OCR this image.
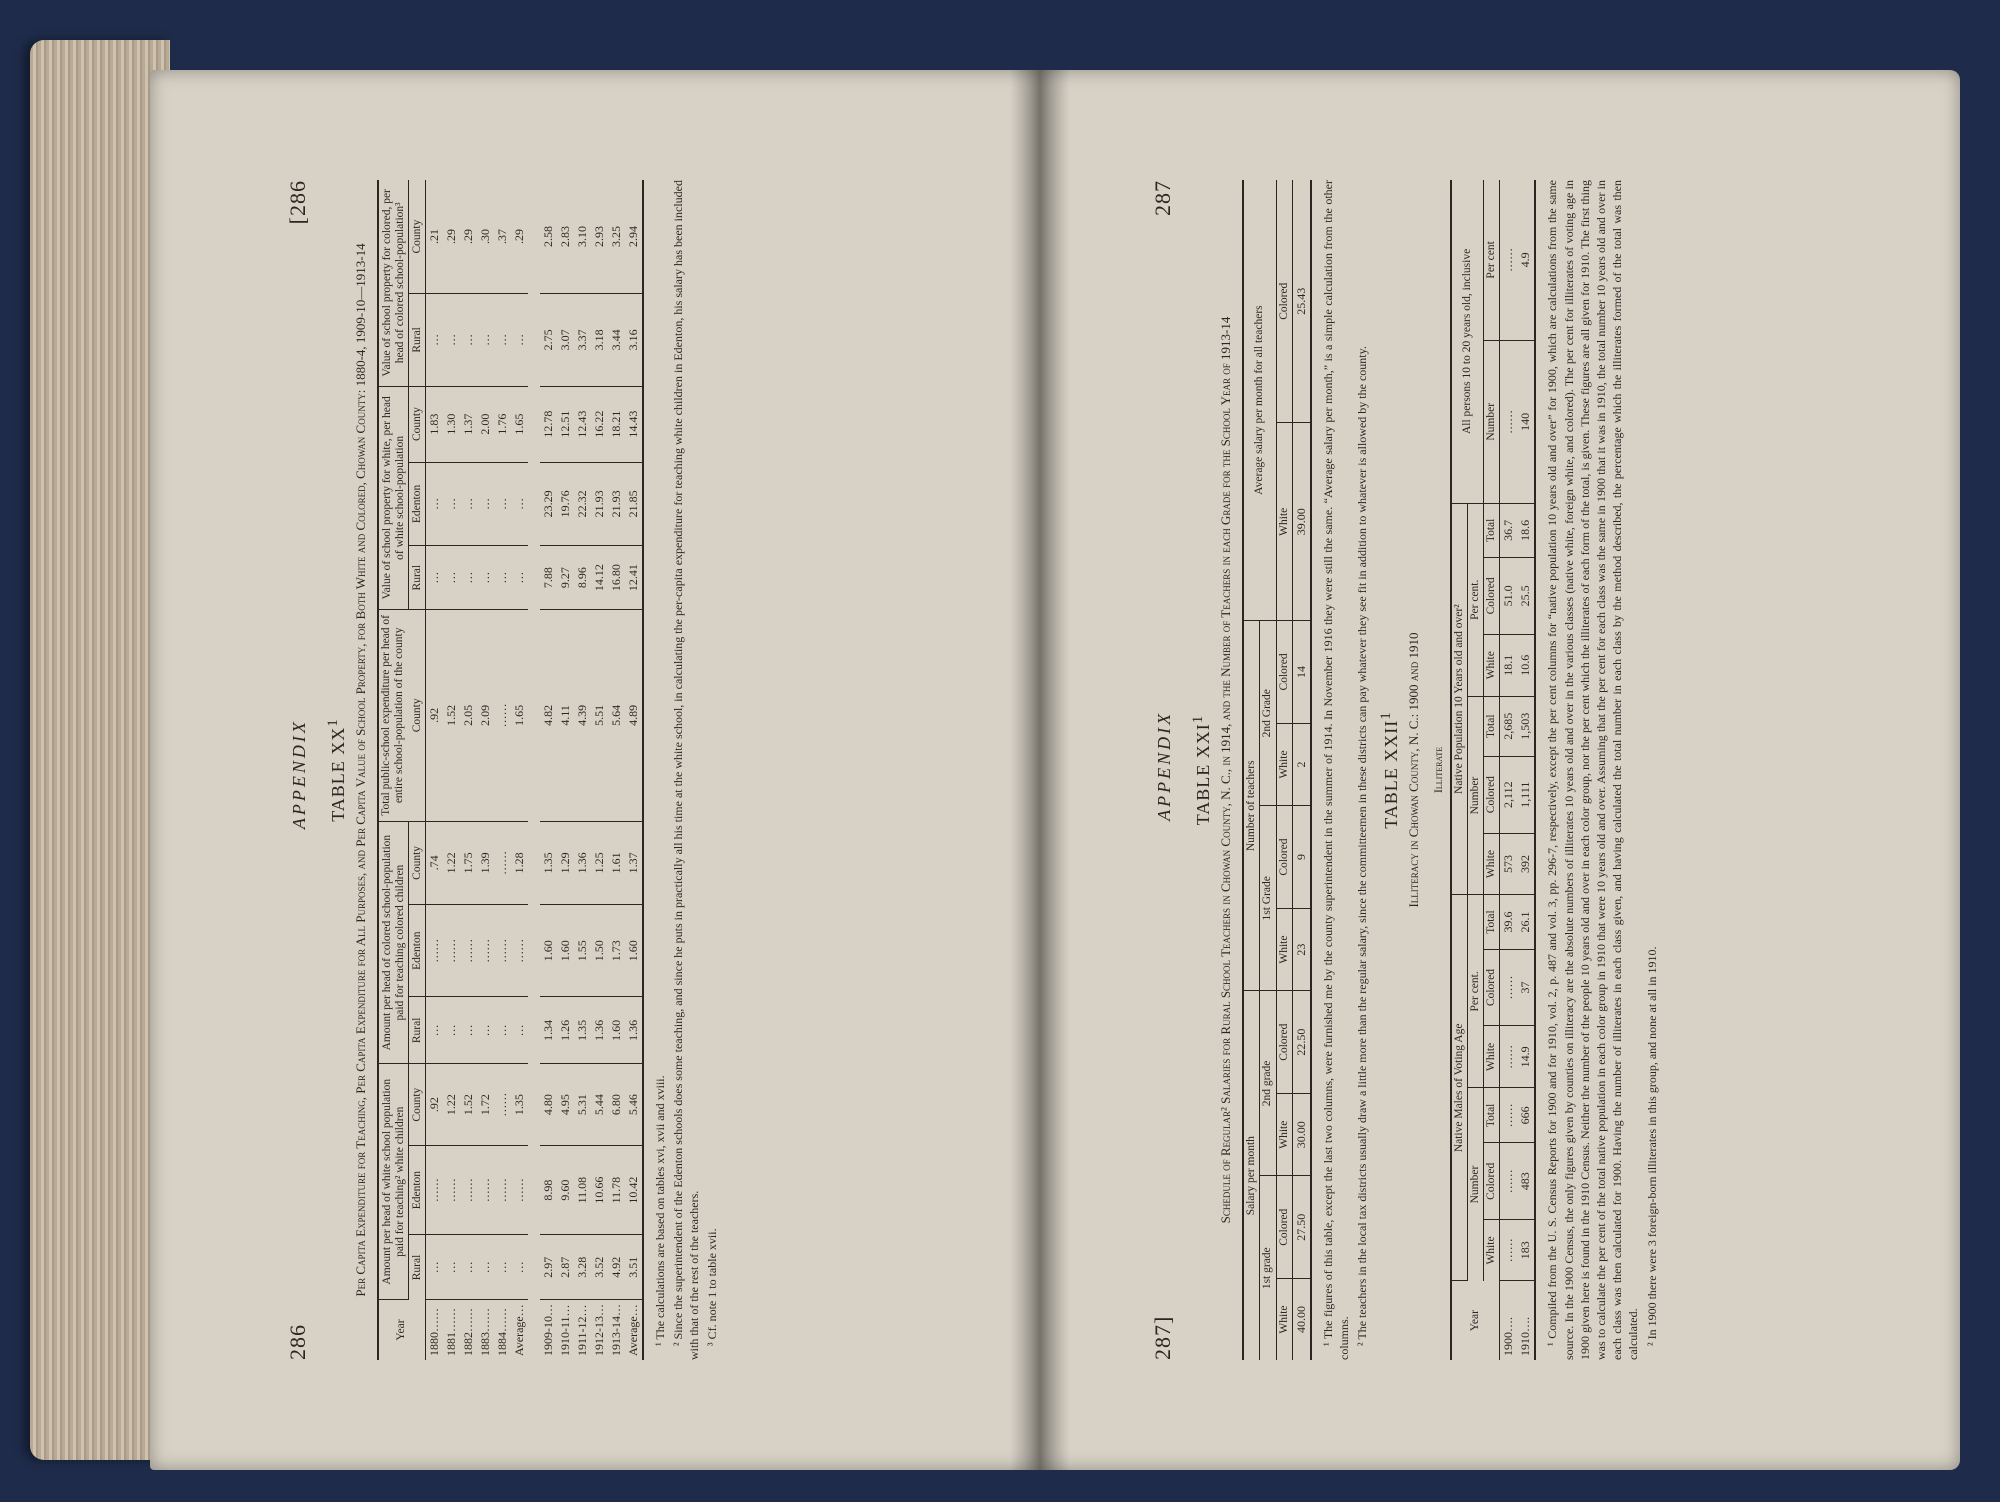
286
APPENDIX
[286
TABLE $XX^1$ Per Capita Expenditure for Teaching, Per Capita Expenditure for All Purposes, and Per Capita Value of School Property, for Both White and Colored, Chowan County: 1880-4, 1909-10—1913-14
Year	Amount per head of white school population paid for teaching² white children			Amount per head of colored school-population paid for teaching colored children			Total public-school expenditure per head of entire school-population of the county County	Value of school property for white, per head of white school-population			Value of school property for colored, per head of colored school-population³	
	Rural	Edenton	County	Rural	Edenton	County		Rural	Edenton	County	Rural	County
1880……	…	……	.92	…	……	.74	.92	…	…	1.83	…	.21
1881……	…	……	1.22	…	……	1.22	1.52	…	…	1.30	…	.29
1882……	…	……	1.52	…	……	1.75	2.05	…	…	1.37	…	.29
1883……	…	……	1.72	…	……	1.39	2.09	…	…	2.00	…	.30
1884……	…	……	……	…	……	……	……	…	…	1.76	…	.37
Average…	…	……	1.35	…	……	1.28	1.65	…	…	1.65	…	.29

1909-10…	2.97	8.98	4.80	1.34	1.60	1.35	4.82	7.88	23.29	12.78	2.75	2.58
1910-11…	2.87	9.60	4.95	1.26	1.60	1.29	4.11	9.27	19.76	12.51	3.07	2.83
1911-12…	3.28	11.08	5.31	1.35	1.55	1.36	4.39	8.96	22.32	12.43	3.37	3.10
1912-13…	3.52	10.66	5.44	1.36	1.50	1.25	5.51	14.12	21.93	16.22	3.18	2.93
1913-14…	4.92	11.78	6.80	1.60	1.73	1.61	5.64	16.80	21.93	18.21	3.44	3.25
Average…	3.51	10.42	5.46	1.36	1.60	1.37	4.89	12.41	21.85	14.43	3.16	2.94

¹ The calculations are based on tables xvi, xvii and xviii. ² Since the superintendent of the Edenton schools does some teaching, and since he puts in practically all his time at the white school, in calculating the per-capita expenditure for teaching white children in Edenton, his salary has been included with that of the rest of the teachers. ³ Cf. note 1 to table xvii.	287]
APPENDIX
287
TABLE XXI$^1$ Schedule of Regular² Salaries for Rural School Teachers in Chowan County, N. C., in 1914, and the Number of Teachers in each Grade for the School Year of 1913-14 Salary per month				Number of teachers				Average salary per month for all teachers	
1st grade		2nd grade		1st Grade		2nd Grade			
White	Colored	White	Colored	White	Colored	White	Colored	White	Colored
40.00	27.50	30.00	22.50	23	9	2	14	39.00	25.43 ¹ The figures of this table, except the last two columns, were furnished me by the county superintendent in the summer of 1914. In November 1916 they were still the same. “Average salary per month,” is a simple calculation from the other columns. ² The teachers in the local tax districts usually draw a little more than the regular salary, since the committeemen in these districts can pay whatever they see fit in addition to whatever is allowed by the county. TABLE XXII$^1$ Illiteracy in Chowan County, N. C.: 1900 and 1910 Illiterate
Year	Native Males of Voting Age						Native Population 10 Years old and over²						All persons 10 to 20 years old, inclusive	
	Number			Per cent.			Number			Per cent.				
	White	Colored	Total	White	Colored	Total	White	Colored	Total	White	Colored	Total	Number	Per cent
1900….	……	……	……	……	……	39.6	573	2,112	2,685	18.1	51.0	36.7	……	……
1910….	183	483	666	14.9	37	26.1	392	1,111	1,503	10.6	25.5	18.6	140	4.9 ¹ Compiled from the U. S. Census Reports for 1900 and for 1910, vol. 2, p. 487 and vol. 3, pp. 296-7, respectively, except the per cent columns for “native population 10 years old and over” for 1900, which are calculations from the same source. In the 1900 Census, the only figures given by counties on illiteracy are the absolute numbers of illiterates 10 years old and over in the various classes (native white, foreign white, and colored). The per cent for illiterates of voting age in 1900 given here is found in the 1910 Census. Neither the number of the people 10 years old and over in each color group, nor the per cent which the illiterates of each form of the total, is given. These figures are all given for 1910. The first thing was to calculate the per cent of the total native population in each color group in 1910 that were 10 years old and over. Assuming that the per cent for each class was the same in 1900 that it was in 1910, the total number 10 years old and over in each class was then calculated for 1900. Having the number of illiterates in each class given, and having calculated the total number in each class by the method described, the percentage which the illiterates formed of the total was then calculated. ² In 1900 there were 3 foreign-born illiterates in this group, and none at all in 1910.
